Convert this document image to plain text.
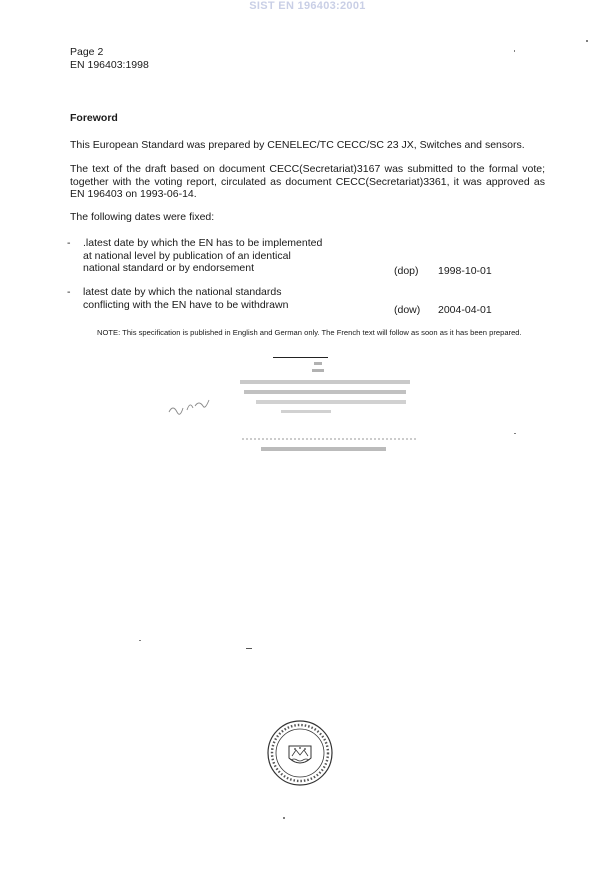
SIST EN 196403:2001
Page 2
EN 196403:1998
Foreword
This European Standard was prepared by CENELEC/TC CECC/SC 23 JX, Switches and sensors.
The text of the draft based on document CECC(Secretariat)3167 was submitted to the formal vote; together with the voting report, circulated as document CECC(Secretariat)3361, it was approved as EN 196403 on 1993-06-14.
The following dates were fixed:
- .latest date by which the EN has to be implemented
at national level by publication of an identical
national standard or by endorsement	(dop) 1998-10-01
- latest date by which the national standards
conflicting with the EN have to be withdrawn	(dow) 2004-04-01
NOTE: This specification is published in English and German only. The French text will follow as soon as it has been prepared.
